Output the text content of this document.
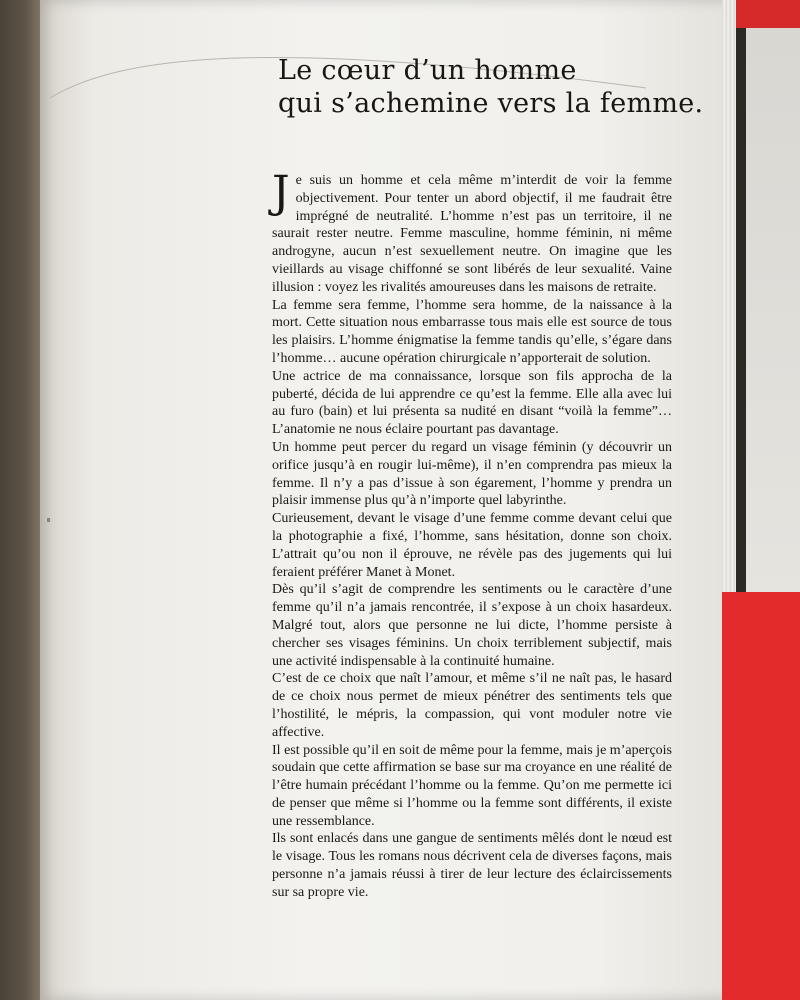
Le cœur d’un homme
qui s’achemine vers la femme.

J e suis un homme et cela même m’interdit de voir la femme objectivement. Pour tenter un abord objectif, il me faudrait être imprégné de neutralité. L’homme n’est pas un territoire, il ne saurait rester neutre. Femme masculine, homme féminin, ni même androgyne, aucun n’est sexuellement neutre. On imagine que les vieillards au visage chiffonné se sont libérés de leur sexualité. Vaine illusion : voyez les rivalités amoureuses dans les maisons de retraite.

La femme sera femme, l’homme sera homme, de la naissance à la mort. Cette situation nous embarrasse tous mais elle est source de tous les plaisirs. L’homme énigmatise la femme tandis qu’elle, s’égare dans l’homme… aucune opération chirurgicale n’apporterait de solution.

Une actrice de ma connaissance, lorsque son fils approcha de la puberté, décida de lui apprendre ce qu’est la femme. Elle alla avec lui au furo (bain) et lui présenta sa nudité en disant “voilà la femme”… L’anatomie ne nous éclaire pourtant pas davantage.

Un homme peut percer du regard un visage féminin (y découvrir un orifice jusqu’à en rougir lui-même), il n’en comprendra pas mieux la femme. Il n’y a pas d’issue à son égarement, l’homme y prendra un plaisir immense plus qu’à n’importe quel labyrinthe.

Curieusement, devant le visage d’une femme comme devant celui que la photographie a fixé, l’homme, sans hésitation, donne son choix. L’attrait qu’ou non il éprouve, ne révèle pas des jugements qui lui feraient préférer Manet à Monet.

Dès qu’il s’agit de comprendre les sentiments ou le caractère d’une femme qu’il n’a jamais rencontrée, il s’expose à un choix hasardeux. Malgré tout, alors que personne ne lui dicte, l’homme persiste à chercher ses visages féminins. Un choix terriblement subjectif, mais une activité indispensable à la continuité humaine.

C’est de ce choix que naît l’amour, et même s’il ne naît pas, le hasard de ce choix nous permet de mieux pénétrer des sentiments tels que l’hostilité, le mépris, la compassion, qui vont moduler notre vie affective.

Il est possible qu’il en soit de même pour la femme, mais je m’aperçois soudain que cette affirmation se base sur ma croyance en une réalité de l’être humain précédant l’homme ou la femme. Qu’on me permette ici de penser que même si l’homme ou la femme sont différents, il existe une ressemblance.

Ils sont enlacés dans une gangue de sentiments mêlés dont le nœud est le visage. Tous les romans nous décrivent cela de diverses façons, mais personne n’a jamais réussi à tirer de leur lecture des éclaircissements sur sa propre vie.
